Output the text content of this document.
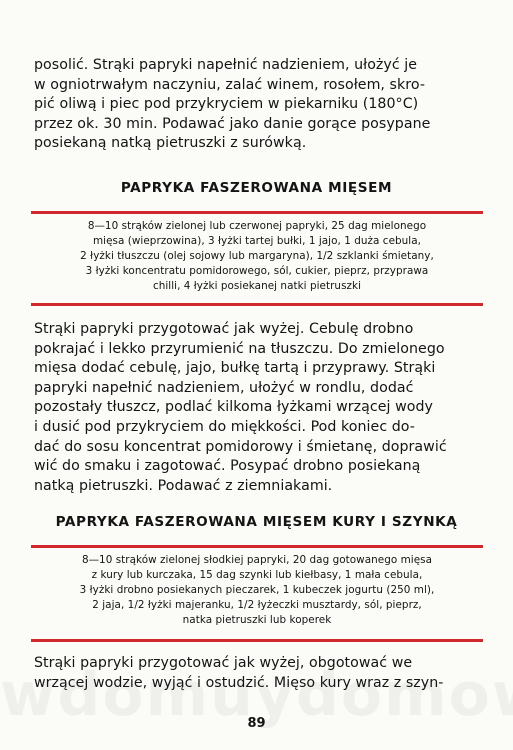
posolić. Strąki papryki napełnić nadzieniem, ułożyć je
w ogniotrwałym naczyniu, zalać winem, rosołem, skro-
pić oliwą i piec pod przykryciem w piekarniku (180°C)
przez ok. 30 min. Podawać jako danie gorące posypane
posiekaną natką pietruszki z surówką.
PAPRYKA FASZEROWANA MIĘSEM
8—10 strąków zielonej lub czerwonej papryki, 25 dag mielonego
mięsa (wieprzowina), 3 łyżki tartej bułki, 1 jajo, 1 duża cebula,
2 łyżki tłuszczu (olej sojowy lub margaryna), 1/2 szklanki śmietany,
3 łyżki koncentratu pomidorowego, sól, cukier, pieprz, przyprawa
chilli, 4 łyżki posiekanej natki pietruszki
Strąki papryki przygotować jak wyżej. Cebulę drobno
pokrajać i lekko przyrumienić na tłuszczu. Do zmielonego
mięsa dodać cebulę, jajo, bułkę tartą i przyprawy. Strąki
papryki napełnić nadzieniem, ułożyć w rondlu, dodać
pozostały tłuszcz, podlać kilkoma łyżkami wrzącej wody
i dusić pod przykryciem do miękkości. Pod koniec do-
dać do sosu koncentrat pomidorowy i śmietanę, doprawić
wić do smaku i zagotować. Posypać drobno posiekaną
natką pietruszki. Podawać z ziemniakami.
PAPRYKA FASZEROWANA MIĘSEM KURY I SZYNKĄ
8—10 strąków zielonej słodkiej papryki, 20 dag gotowanego mięsa
z kury lub kurczaka, 15 dag szynki lub kiełbasy, 1 mała cebula,
3 łyżki drobno posiekanych pieczarek, 1 kubeczek jogurtu (250 ml),
2 jaja, 1/2 łyżki majeranku, 1/2 łyżeczki musztardy, sól, pieprz,
natka pietruszki lub koperek
Strąki papryki przygotować jak wyżej, obgotować we
wrzącej wodzie, wyjąć i ostudzić. Mięso kury wraz z szyn-
89
